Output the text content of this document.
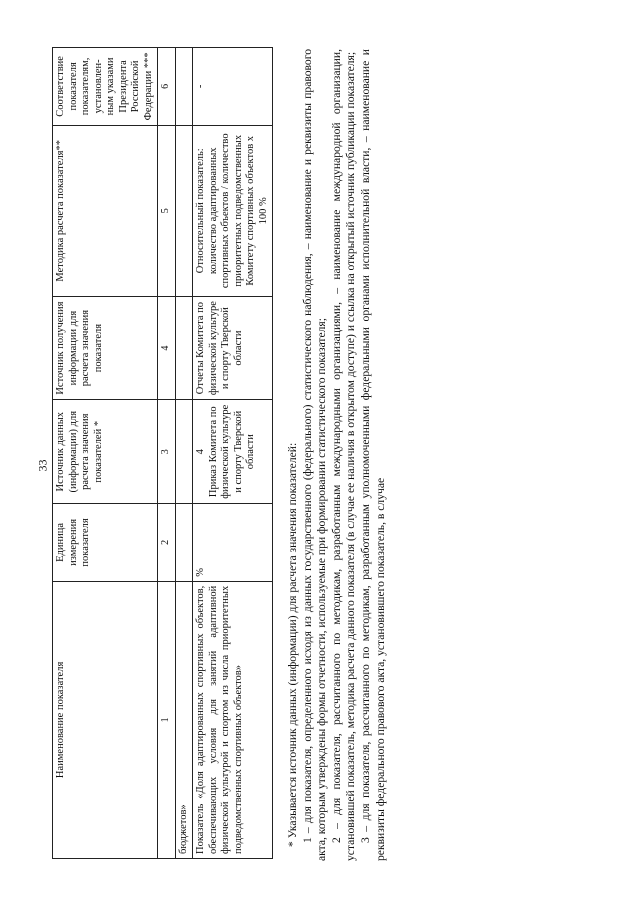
33
Наименование показателя	Единица измерения показателя	Источник данных (информации) для расчета значения показателей *	Источник получения информации для расчета значения показателя	Методика расчета показателя**	Соответствие показателя показателям, установлен-ным указами Президента Российской Федерации ***
1	2	3	4	5	6
бюджетов»					
Показатель «Доля адаптированных спортивных объектов, обеспечивающих условия для занятий адаптивной физической культурой и спортом из числа приоритетных подведомственных спортивных объектов»	%	4 Приказ Комитета по физической культуре и спорту Тверской области	Отчеты Комитета по физической культуре и спорту Тверской области	Относительный показатель: количество адаптированных спортивных объектов / количество приоритетных подведомственных Комитету спортивных объектов х 100 %	-

* Указывается источник данных (информации) для расчета значения показателей: 1 – для показателя, определенного исходя из данных государственного (федерального) статистического наблюдения, – наименование и реквизиты правового акта, которым утверждены формы отчетности, используемые при формировании статистического показателя; 2 – для показателя, рассчитанного по методикам, разработанным международными организациями, – наименование международной организации, установившей показатель, методика расчета данного показателя (в случае ее наличия в открытом доступе) и ссылка на открытый источник публикации показателя; 3 – для показателя, рассчитанного по методикам, разработанным уполномоченными федеральными органами исполнительной власти, – наименование и реквизиты федерального правового акта, установившего показатель, в случае
